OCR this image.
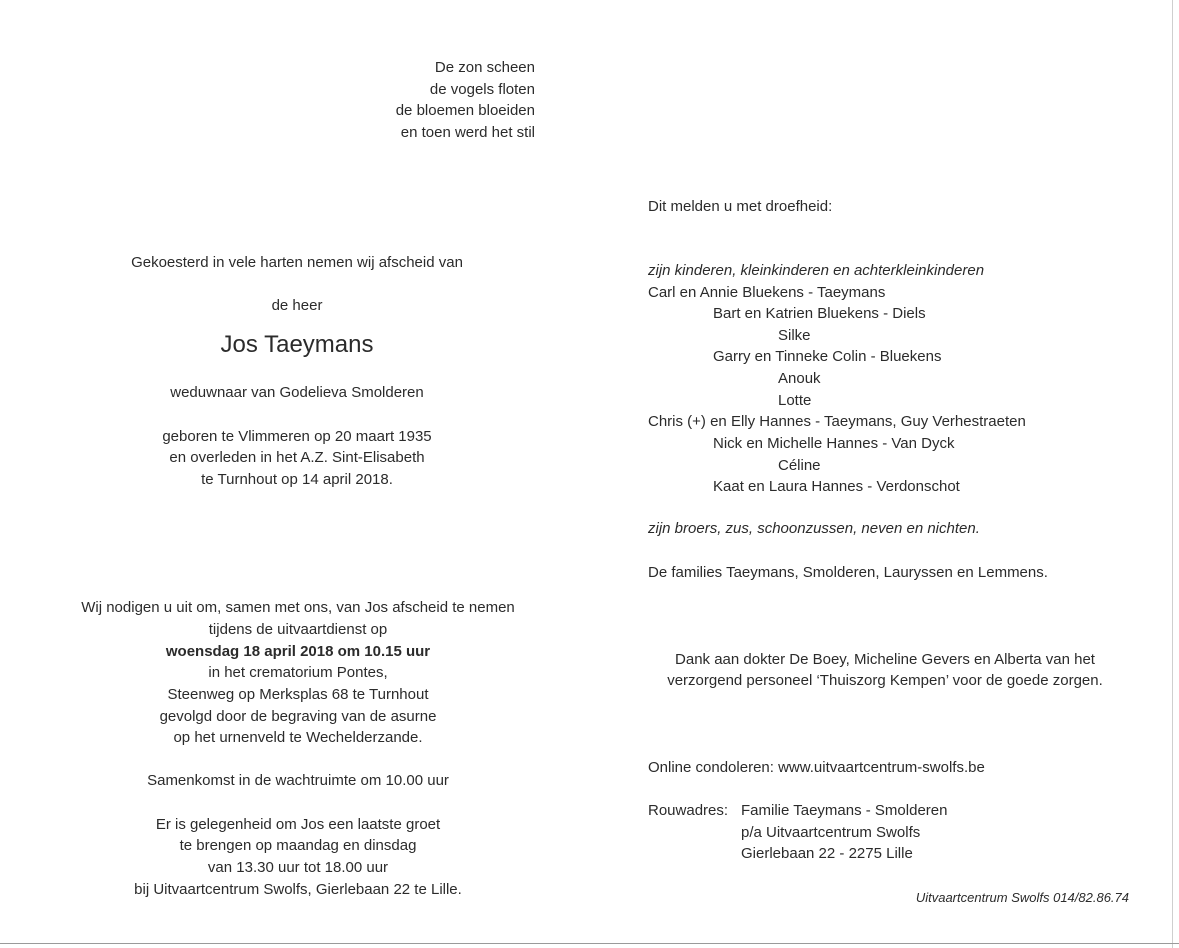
De zon scheen
de vogels floten
de bloemen bloeiden
en toen werd het stil
Gekoesterd in vele harten nemen wij afscheid van
de heer
Jos Taeymans
weduwnaar van Godelieva Smolderen
geboren te Vlimmeren op 20 maart 1935
en overleden in het A.Z. Sint-Elisabeth
te Turnhout op 14 april 2018.
Wij nodigen u uit om, samen met ons, van Jos afscheid te nemen
tijdens de uitvaartdienst op
woensdag 18 april 2018 om 10.15 uur
in het crematorium Pontes,
Steenweg op Merksplas 68 te Turnhout
gevolgd door de begraving van de asurne
op het urnenveld te Wechelderzande.
Samenkomst in de wachtruimte om 10.00 uur
Er is gelegenheid om Jos een laatste groet
te brengen op maandag en dinsdag
van 13.30 uur tot 18.00 uur
bij Uitvaartcentrum Swolfs, Gierlebaan 22 te Lille.
Dit melden u met droefheid:
zijn kinderen, kleinkinderen en achterkleinkinderen
Carl en Annie Bluekens - Taeymans
Bart en Katrien Bluekens - Diels
Silke
Garry en Tinneke Colin - Bluekens
Anouk
Lotte
Chris (+) en Elly Hannes - Taeymans, Guy Verhestraeten
Nick en Michelle Hannes - Van Dyck
Céline
Kaat en Laura Hannes - Verdonschot
zijn broers, zus, schoonzussen, neven en nichten.
De families Taeymans, Smolderen, Lauryssen en Lemmens.
Dank aan dokter De Boey, Micheline Gevers en Alberta van het
verzorgend personeel ‘Thuiszorg Kempen’ voor de goede zorgen.
Online condoleren: www.uitvaartcentrum-swolfs.be
Rouwadres: Familie Taeymans - Smolderen
p/a Uitvaartcentrum Swolfs
Gierlebaan 22 - 2275 Lille
Uitvaartcentrum Swolfs 014/82.86.74
